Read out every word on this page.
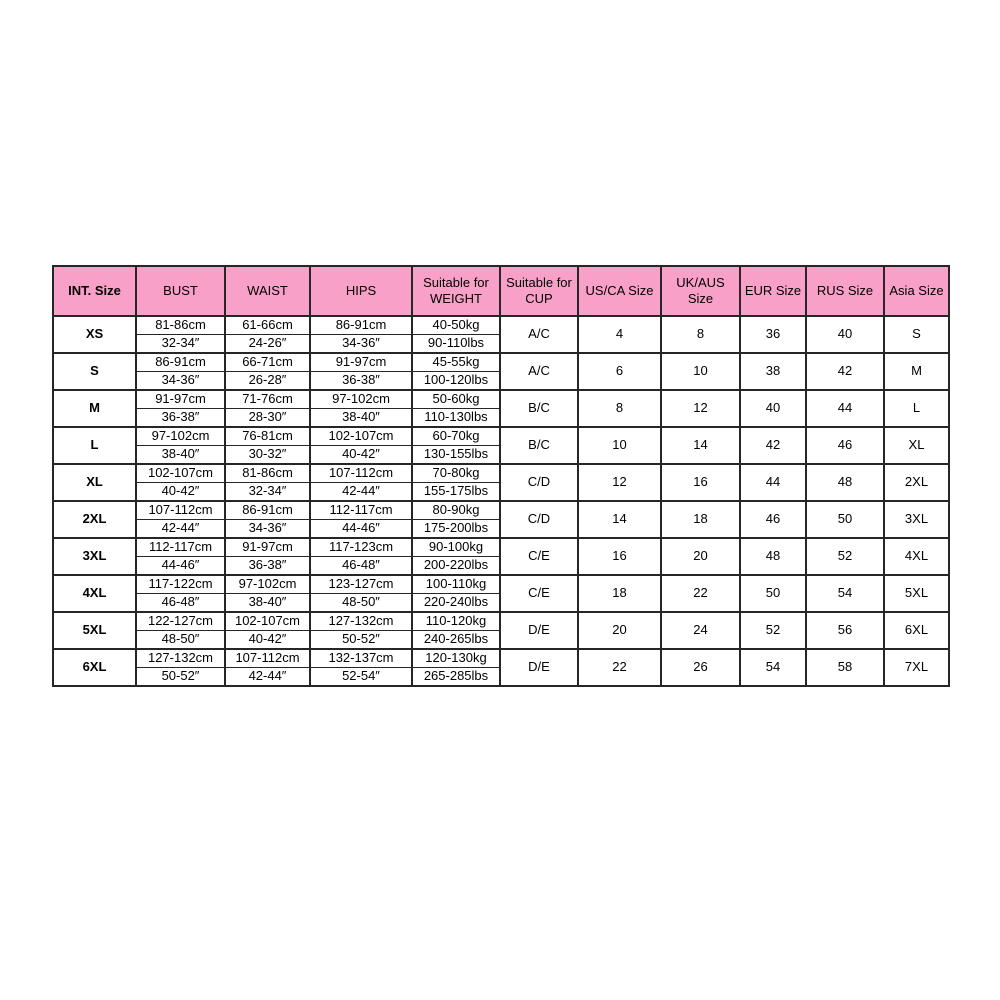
INT. Size	BUST	WAIST	HIPS	Suitable for WEIGHT	Suitable for CUP	US/CA Size	UK/AUS Size	EUR Size	RUS Size	Asia Size
XS	81-86cm	61-66cm	86-91cm	40-50kg	A/C	4	8	36	40	S
	32-34″	24-26″	34-36″	90-110lbs						
S	86-91cm	66-71cm	91-97cm	45-55kg	A/C	6	10	38	42	M
	34-36″	26-28″	36-38″	100-120lbs						
M	91-97cm	71-76cm	97-102cm	50-60kg	B/C	8	12	40	44	L
	36-38″	28-30″	38-40″	110-130lbs						
L	97-102cm	76-81cm	102-107cm	60-70kg	B/C	10	14	42	46	XL
	38-40″	30-32″	40-42″	130-155lbs						
XL	102-107cm	81-86cm	107-112cm	70-80kg	C/D	12	16	44	48	2XL
	40-42″	32-34″	42-44″	155-175lbs						
2XL	107-112cm	86-91cm	112-117cm	80-90kg	C/D	14	18	46	50	3XL
	42-44″	34-36″	44-46″	175-200lbs						
3XL	112-117cm	91-97cm	117-123cm	90-100kg	C/E	16	20	48	52	4XL
	44-46″	36-38″	46-48″	200-220lbs						
4XL	117-122cm	97-102cm	123-127cm	100-110kg	C/E	18	22	50	54	5XL
	46-48″	38-40″	48-50″	220-240lbs						
5XL	122-127cm	102-107cm	127-132cm	110-120kg	D/E	20	24	52	56	6XL
	48-50″	40-42″	50-52″	240-265lbs						
6XL	127-132cm	107-112cm	132-137cm	120-130kg	D/E	22	26	54	58	7XL
	50-52″	42-44″	52-54″	265-285lbs						
